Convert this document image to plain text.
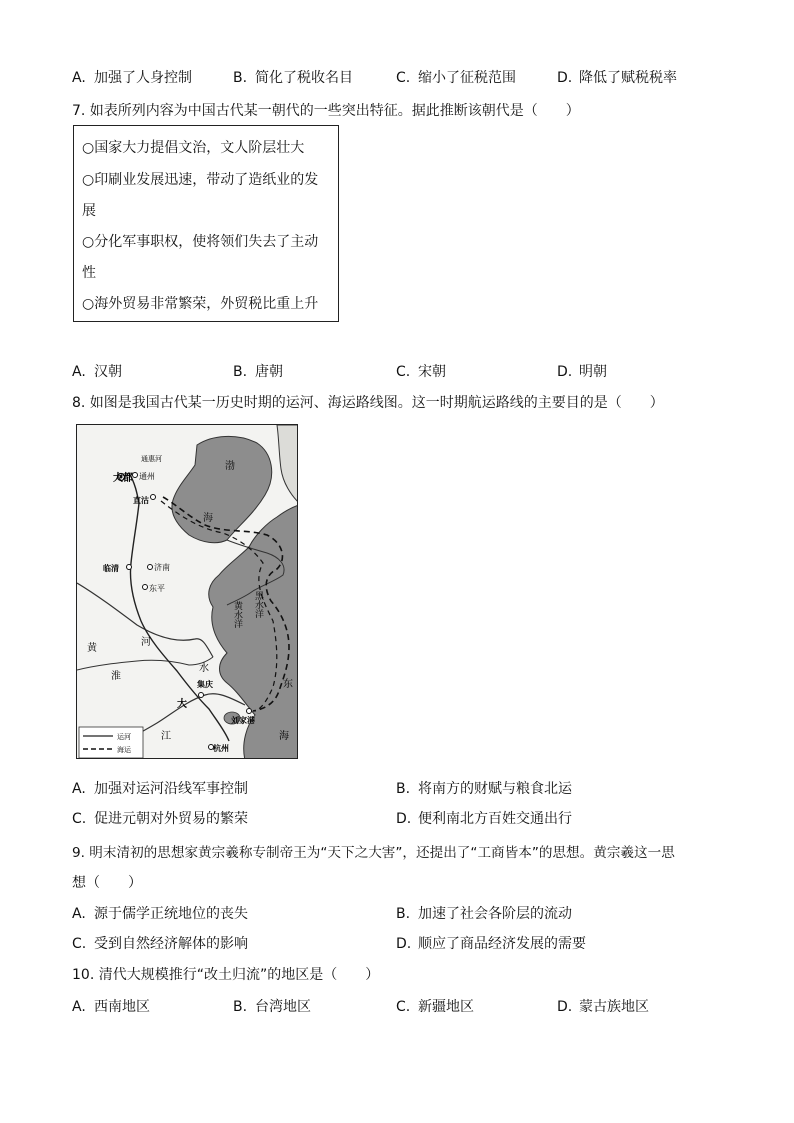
A. 加强了人身控制	B. 简化了税收名目	C. 缩小了征税范围	D. 降低了赋税税率
7. 如表所列内容为中国古代某一朝代的一些突出特征。据此推断该朝代是（　　）
○国家大力提倡文治，文人阶层壮大
○印刷业发展迅速，带动了造纸业的发
展
○分化军事职权，使将领们失去了主动
性
○海外贸易非常繁荣，外贸税比重上升
A. 汉朝	B. 唐朝	C. 宋朝	D. 明朝
8. 如图是我国古代某一历史时期的运河、海运路线图。这一时期航运路线的主要目的是（　　）
通惠河
大都 通州
直沽
渤
海
临清	济南
东平
黄
河
淮
水
黄水洋 黑水洋
东
海
大
集庆
江
刘家港
杭州
运河
海运
A. 加强对运河沿线军事控制	B. 将南方的财赋与粮食北运
C. 促进元朝对外贸易的繁荣	D. 便利南北方百姓交通出行
9. 明末清初的思想家黄宗羲称专制帝王为“天下之大害”，还提出了“工商皆本”的思想。黄宗羲这一思
想（　　）
A. 源于儒学正统地位的丧失	B. 加速了社会各阶层的流动
C. 受到自然经济解体的影响	D. 顺应了商品经济发展的需要
10. 清代大规模推行“改土归流”的地区是（　　）
A. 西南地区	B. 台湾地区	C. 新疆地区	D. 蒙古族地区
